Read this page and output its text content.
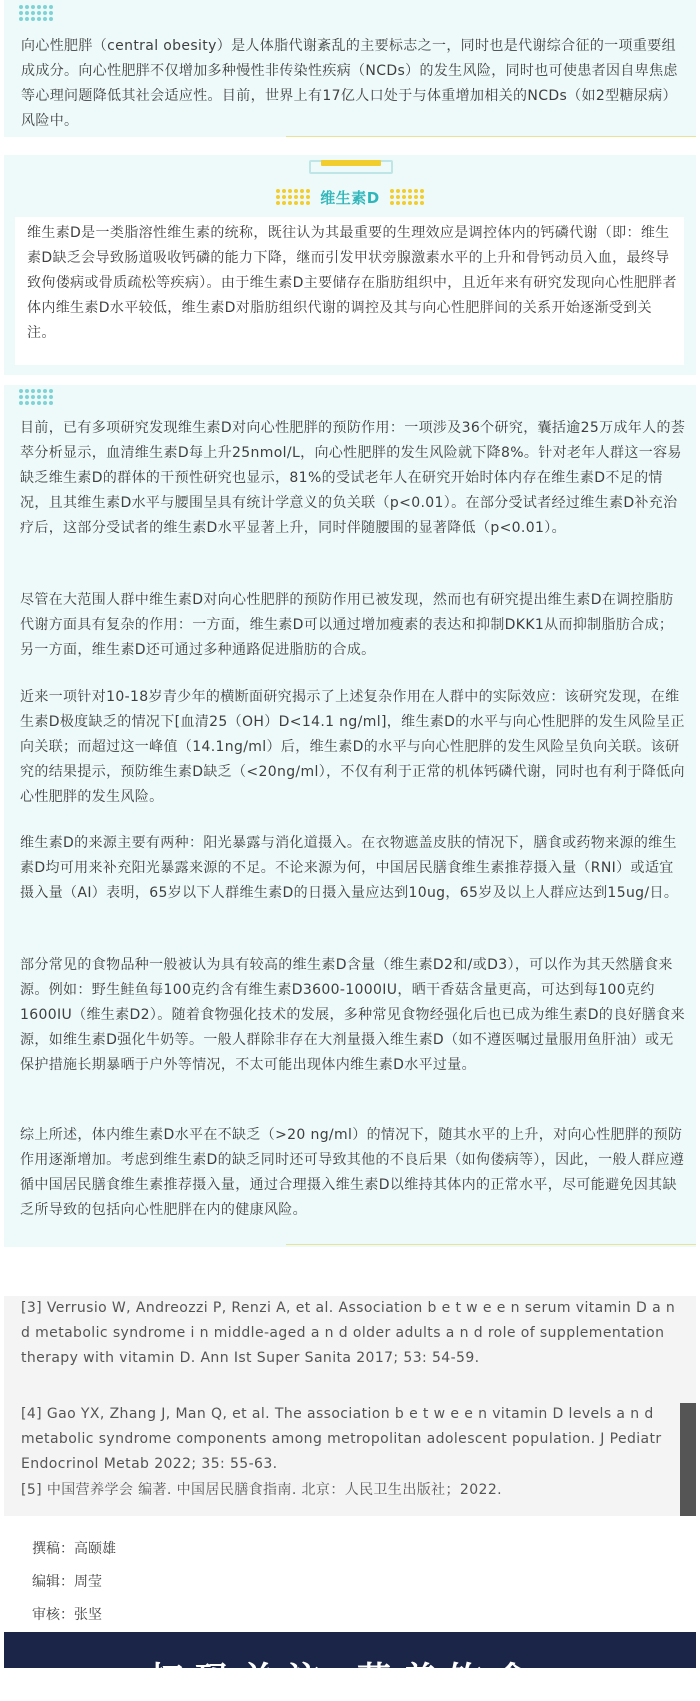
向心性肥胖（central obesity）是人体脂代谢紊乱的主要标志之一，同时也是代谢综合征的一项重要组成成分。向心性肥胖不仅增加多种慢性非传染性疾病（NCDs）的发生风险，同时也可使患者因自卑焦虑等心理问题降低其社会适应性。目前，世界上有17亿人口处于与体重增加相关的NCDs（如2型糖尿病）风险中。

维生素D

维生素D是一类脂溶性维生素的统称，既往认为其最重要的生理效应是调控体内的钙磷代谢（即：维生素D缺乏会导致肠道吸收钙磷的能力下降，继而引发甲状旁腺激素水平的上升和骨钙动员入血，最终导致佝偻病或骨质疏松等疾病）。由于维生素D主要储存在脂肪组织中，且近年来有研究发现向心性肥胖者体内维生素D水平较低，维生素D对脂肪组织代谢的调控及其与向心性肥胖间的关系开始逐渐受到关注。

目前，已有多项研究发现维生素D对向心性肥胖的预防作用：一项涉及36个研究，囊括逾25万成年人的荟萃分析显示，血清维生素D每上升25nmol/L，向心性肥胖的发生风险就下降8%。针对老年人群这一容易缺乏维生素D的群体的干预性研究也显示，81%的受试老年人在研究开始时体内存在维生素D不足的情况，且其维生素D水平与腰围呈具有统计学意义的负关联（p<0.01）。在部分受试者经过维生素D补充治疗后，这部分受试者的维生素D水平显著上升，同时伴随腰围的显著降低（p<0.01）。

尽管在大范围人群中维生素D对向心性肥胖的预防作用已被发现，然而也有研究提出维生素D在调控脂肪代谢方面具有复杂的作用：一方面，维生素D可以通过增加瘦素的表达和抑制DKK1从而抑制脂肪合成；另一方面，维生素D还可通过多种通路促进脂肪的合成。

近来一项针对10-18岁青少年的横断面研究揭示了上述复杂作用在人群中的实际效应：该研究发现，在维生素D极度缺乏的情况下[血清25（OH）D<14.1 ng/ml]，维生素D的水平与向心性肥胖的发生风险呈正向关联；而超过这一峰值（14.1ng/ml）后，维生素D的水平与向心性肥胖的发生风险呈负向关联。该研究的结果提示，预防维生素D缺乏（<20ng/ml），不仅有利于正常的机体钙磷代谢，同时也有利于降低向心性肥胖的发生风险。

维生素D的来源主要有两种：阳光暴露与消化道摄入。在衣物遮盖皮肤的情况下，膳食或药物来源的维生素D均可用来补充阳光暴露来源的不足。不论来源为何，中国居民膳食维生素推荐摄入量（RNI）或适宜摄入量（AI）表明，65岁以下人群维生素D的日摄入量应达到10ug，65岁及以上人群应达到15ug/日。

部分常见的食物品种一般被认为具有较高的维生素D含量（维生素D2和/或D3），可以作为其天然膳食来源。例如：野生鲑鱼每100克约含有维生素D3600-1000IU，晒干香菇含量更高，可达到每100克约1600IU（维生素D2）。随着食物强化技术的发展，多种常见食物经强化后也已成为维生素D的良好膳食来源，如维生素D强化牛奶等。一般人群除非存在大剂量摄入维生素D（如不遵医嘱过量服用鱼肝油）或无保护措施长期暴晒于户外等情况，不太可能出现体内维生素D水平过量。

综上所述，体内维生素D水平在不缺乏（>20 ng/ml）的情况下，随其水平的上升，对向心性肥胖的预防作用逐渐增加。考虑到维生素D的缺乏同时还可导致其他的不良后果（如佝偻病等），因此，一般人群应遵循中国居民膳食维生素推荐摄入量，通过合理摄入维生素D以维持其体内的正常水平，尽可能避免因其缺乏所导致的包括向心性肥胖在内的健康风险。

[3] Verrusio W, Andreozzi P, Renzi A, et al. Association b e t w e e n serum vitamin D a n d metabolic syndrome i n middle-aged a n d older adults a n d role of supplementation therapy with vitamin D. Ann Ist Super Sanita 2017; 53: 54-59.

[4] Gao YX, Zhang J, Man Q, et al. The association b e t w e e n vitamin D levels a n d metabolic syndrome components among metropolitan adolescent population. J Pediatr Endocrinol Metab 2022; 35: 55-63.

[5] 中国营养学会 编著. 中国居民膳食指南. 北京：人民卫生出版社；2022.

撰稿：高颐雄

编辑：周莹

审核：张坚

扫码关注 营养饮食
